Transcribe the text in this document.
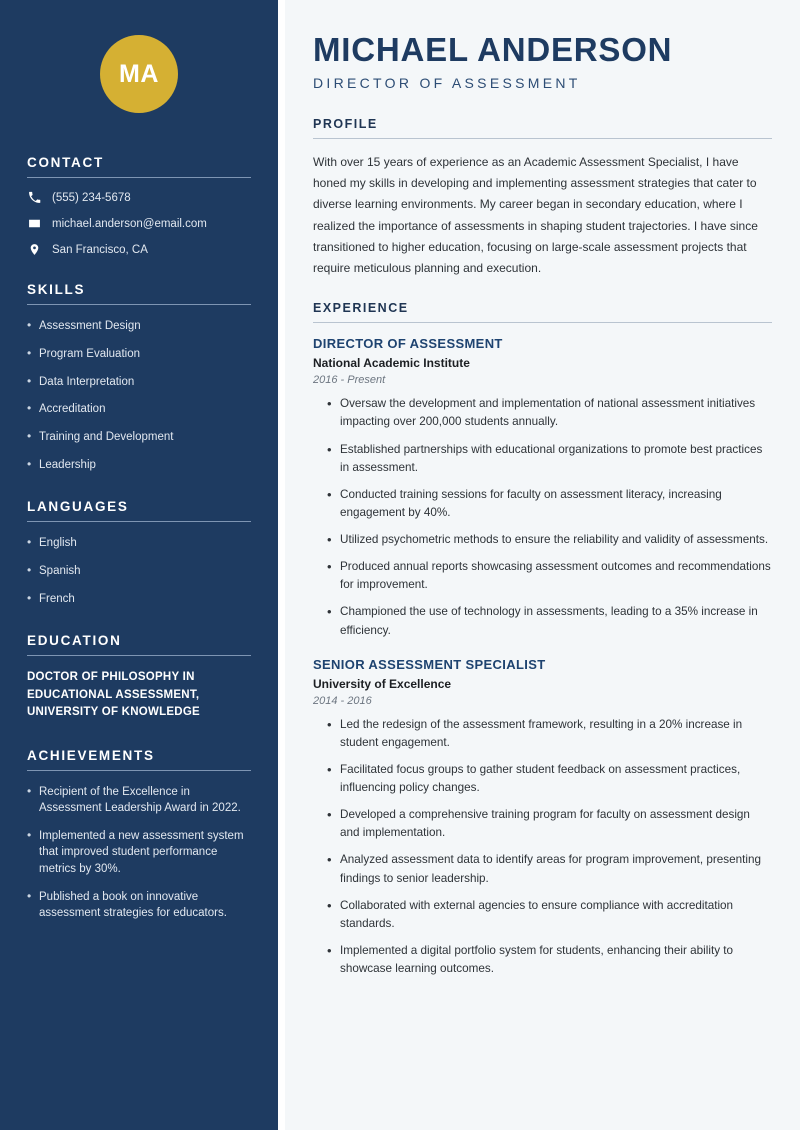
MA
CONTACT
(555) 234-5678
michael.anderson@email.com
San Francisco, CA
SKILLS
• Assessment Design
• Program Evaluation
• Data Interpretation
• Accreditation
• Training and Development
• Leadership
LANGUAGES
• English
• Spanish
• French
EDUCATION
DOCTOR OF PHILOSOPHY IN EDUCATIONAL ASSESSMENT, UNIVERSITY OF KNOWLEDGE
ACHIEVEMENTS
• Recipient of the Excellence in Assessment Leadership Award in 2022.
• Implemented a new assessment system that improved student performance metrics by 30%.
• Published a book on innovative assessment strategies for educators.
MICHAEL ANDERSON
DIRECTOR OF ASSESSMENT
PROFILE

With over 15 years of experience as an Academic Assessment Specialist, I have honed my skills in developing and implementing assessment strategies that cater to diverse learning environments. My career began in secondary education, where I realized the importance of assessments in shaping student trajectories. I have since transitioned to higher education, focusing on large-scale assessment projects that require meticulous planning and execution.

EXPERIENCE
DIRECTOR OF ASSESSMENT
National Academic Institute
2016 - Present
• Oversaw the development and implementation of national assessment initiatives impacting over 200,000 students annually.
• Established partnerships with educational organizations to promote best practices in assessment.
• Conducted training sessions for faculty on assessment literacy, increasing engagement by 40%.
• Utilized psychometric methods to ensure the reliability and validity of assessments.
• Produced annual reports showcasing assessment outcomes and recommendations for improvement.
• Championed the use of technology in assessments, leading to a 35% increase in efficiency.
SENIOR ASSESSMENT SPECIALIST
University of Excellence
2014 - 2016
• Led the redesign of the assessment framework, resulting in a 20% increase in student engagement.
• Facilitated focus groups to gather student feedback on assessment practices, influencing policy changes.
• Developed a comprehensive training program for faculty on assessment design and implementation.
• Analyzed assessment data to identify areas for program improvement, presenting findings to senior leadership.
• Collaborated with external agencies to ensure compliance with accreditation standards.
• Implemented a digital portfolio system for students, enhancing their ability to showcase learning outcomes.
